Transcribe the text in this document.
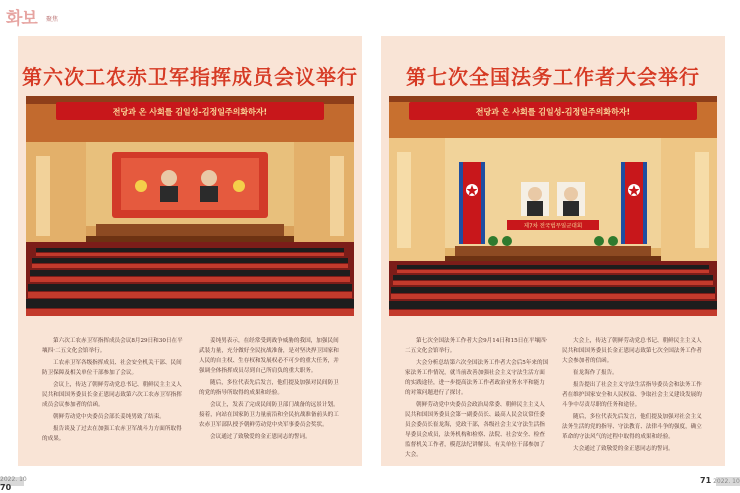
화보 聚焦
第六次工农赤卫军指挥成员会议举行
전당과 온 사회를 김일성-김정일주의화하자!

第六次工农赤卫军指挥成员会议8月29日和30日在平壤四·二五文化会馆举行。

工农赤卫军各级指挥成员、社会安全机关干部、民间防卫保障及相关单位干部参加了会议。

会议上，传达了朝鲜劳动党总书记、朝鲜民主主义人民共和国国务委员长金正恩同志致第六次工农赤卫军指挥成员会议参加者的信函。

朝鲜劳动党中央委员会部长姜纯男致了结束。

报告谈及了过去在加强工农赤卫军战斗力方面所取得的成果。

姜纯男表示，在经常受到战争威胁的我国，加强民间武装力量，充分做好全民抗战准备，是对坚决捍卫国家和人民的自主权、生存权和发展权必不可少的重大任务，并强调全体指挥成员尽到自己所肩负的重大职务。

随后，多位代表先后发言，他们提及加强对民间防卫的党的指导所取得的成果和经验。

会议上，发表了完成民间防卫部门战备的远景计划。接着，向站在国家防卫力量前沿和全民抗战准备前头的工农赤卫军部队授予朝鲜劳动党中央军事委员会奖状。

会议通过了致敬爱的金正恩同志的誓词。

第七次全国法务工作者大会举行
전당과 온 사회를 김일성-김정일주의화하자!
제7차 전국법무일군대회

第七次全国法务工作者大会9月14日和15日在平壤四·二五文化会馆举行。

大会分析总结第六次全国法务工作者大会后5年来的国家法务工作情况，就当前改善加强社会主义守法生活方面的实践途径，进一步提高法务工作者政治业务水平和能力的对策问题进行了探讨。

朝鲜劳动党中央委员会政治局常委、朝鲜民主主义人民共和国国务委员会第一副委员长、最高人民会议常任委员会委员长崔龙海，党政干部，各级社会主义守法生活指导委员会成员，法务机构和检察、法院、社会安全、检查监督机关工作者，模范法纪讲解员、有关单位干部参加了大会。

大会上，传达了朝鲜劳动党总书记、朝鲜民主主义人民共和国国务委员长金正恩同志致第七次全国法务工作者大会参加者的信函。

崔龙海作了报告。

报告提出了社会主义守法生活指导委员会和法务工作者在维护国家安全和人民权益、争取社会主义建设发展的斗争中尽责尽职的任务和途径。

随后，多位代表先后发言，他们提及加强对社会主义法务生活的党的指导、守法教育、法律斗争的强度，确立革命的守法风气的过程中取得的成果和经验。

大会通过了致敬爱的金正恩同志的誓词。

2022. 10 70
71 2022. 10
